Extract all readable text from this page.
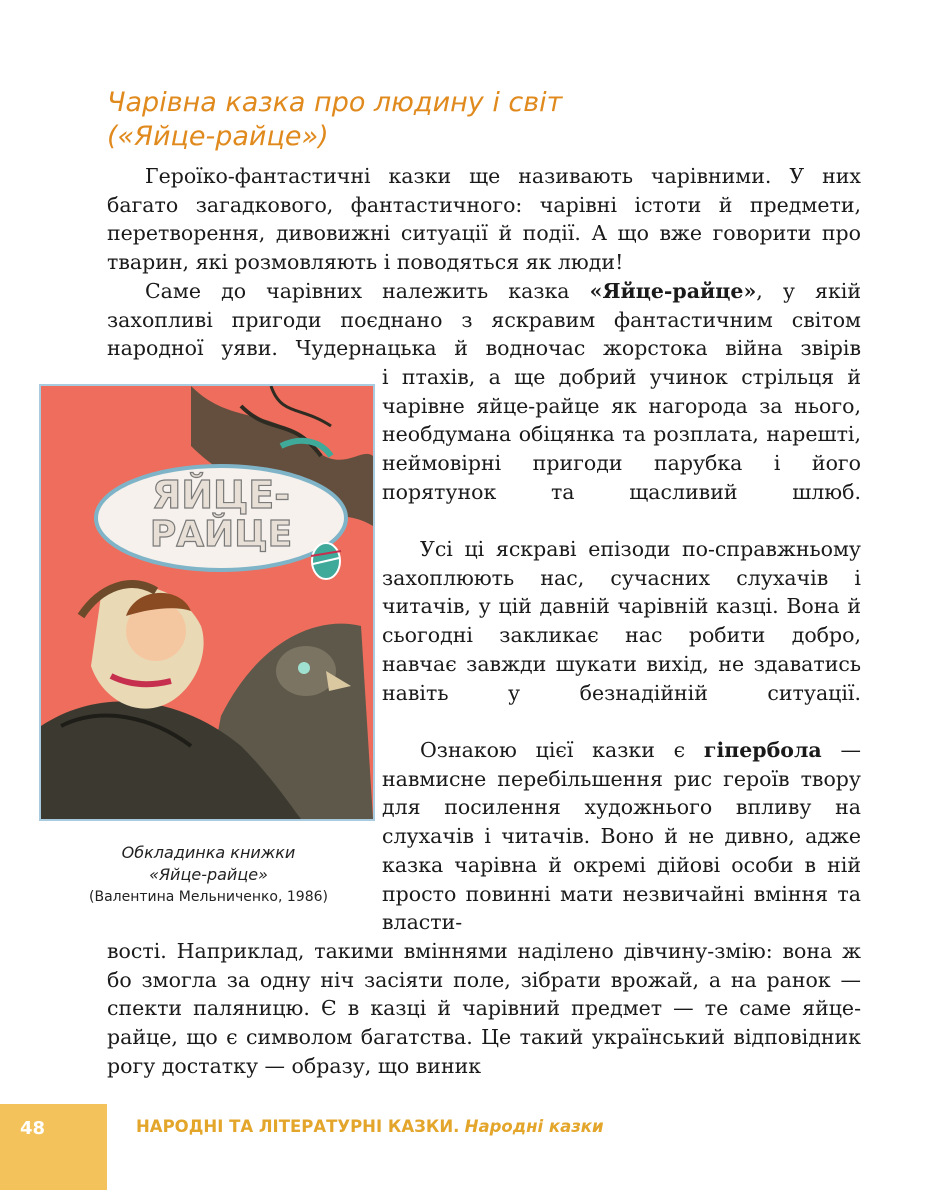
Чарівна казка про людину і світ
(«Яйце-райце»)

Героїко-фантастичні казки ще називають чарівними. У них багато загадкового, фантастичного: чарівні істоти й предмети, перетворення, дивовижні ситуації й події. А що вже говорити про тварин, які розмовляють і поводяться як люди!

Саме до чарівних належить казка «Яйце-райце», у якій захопливі пригоди поєднано з яскравим фантастичним світом народної уяви. Чудернацька й водночас жорстока війна звірів

і птахів, а ще добрий учинок стрільця й чарівне яйце-райце як нагорода за нього, необдумана обіцянка та розплата, нарешті, неймовірні пригоди парубка і його порятунок та щасливий шлюб.

Усі ці яскраві епізоди по-справжньому захоплюють нас, сучасних слухачів і читачів, у цій давній чарівній казці. Вона й сьогодні закликає нас робити добро, навчає завжди шукати вихід, не здаватись навіть у безнадійній ситуації.

Ознакою цієї казки є гіпербола — навмисне перебільшення рис героїв твору для посилення художнього впливу на слухачів і читачів. Воно й не дивно, адже казка чарівна й окремі дійові особи в ній просто повинні мати незвичайні вміння та власти-

вості. Наприклад, такими вміннями наділено дівчину-змію: вона ж бо змогла за одну ніч засіяти поле, зібрати врожай, а на ранок — спекти паляницю. Є в казці й чарівний предмет — те саме яйце-райце, що є символом багатства. Це такий український відповідник рогу достатку — образу, що виник

ЯЙЦЕ-
РАЙЦЕ
Обкладинка книжки
«Яйце-райце»
(Валентина Мельниченко, 1986)
48	НАРОДНІ ТА ЛІТЕРАТУРНІ КАЗКИ. Народні казки
